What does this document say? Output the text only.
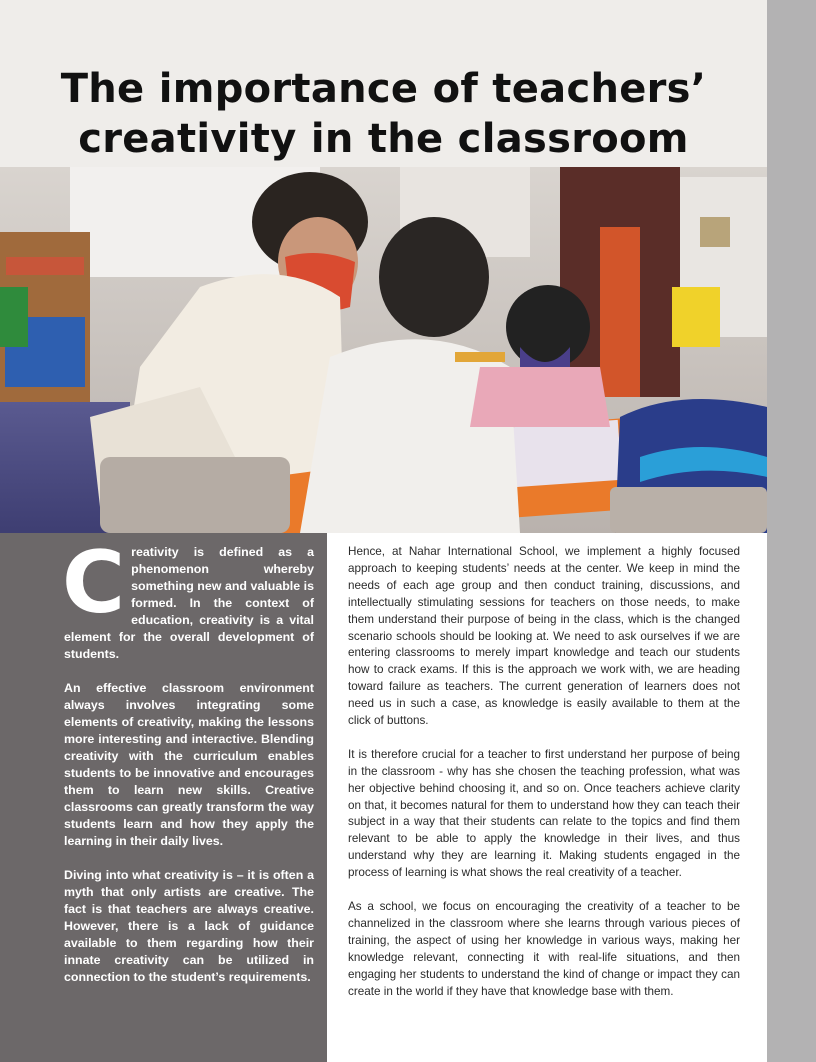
The importance of teachers’
creativity in the classroom

Creativity is defined as a phenomenon whereby something new and valuable is formed. In the context of education, creativity is a vital element for the overall development of students.

An effective classroom environment always involves integrating some elements of creativity, making the lessons more interesting and interactive. Blending creativity with the curriculum enables students to be innovative and encourages them to learn new skills. Creative classrooms can greatly transform the way students learn and how they apply the learning in their daily lives.

Diving into what creativity is – it is often a myth that only artists are creative. The fact is that teachers are always creative. However, there is a lack of guidance available to them regarding how their innate creativity can be utilized in connection to the student’s requirements.

Hence, at Nahar International School, we implement a highly focused approach to keeping students’ needs at the center. We keep in mind the needs of each age group and then conduct training, discussions, and intellectually stimulating sessions for teachers on those needs, to make them understand their purpose of being in the class, which is the changed scenario schools should be looking at. We need to ask ourselves if we are entering classrooms to merely impart knowledge and teach our students how to crack exams. If this is the approach we work with, we are heading toward failure as teachers. The current generation of learners does not need us in such a case, as knowledge is easily available to them at the click of buttons.

It is therefore crucial for a teacher to first understand her purpose of being in the classroom - why has she chosen the teaching profession, what was her objective behind choosing it, and so on. Once teachers achieve clarity on that, it becomes natural for them to understand how they can teach their subject in a way that their students can relate to the topics and find them relevant to be able to apply the knowledge in their lives, and thus understand why they are learning it. Making students engaged in the process of learning is what shows the real creativity of a teacher.

As a school, we focus on encouraging the creativity of a teacher to be channelized in the classroom where she learns through various pieces of training, the aspect of using her knowledge in various ways, making her knowledge relevant, connecting it with real-life situations, and then engaging her students to understand the kind of change or impact they can create in the world if they have that knowledge base with them.
